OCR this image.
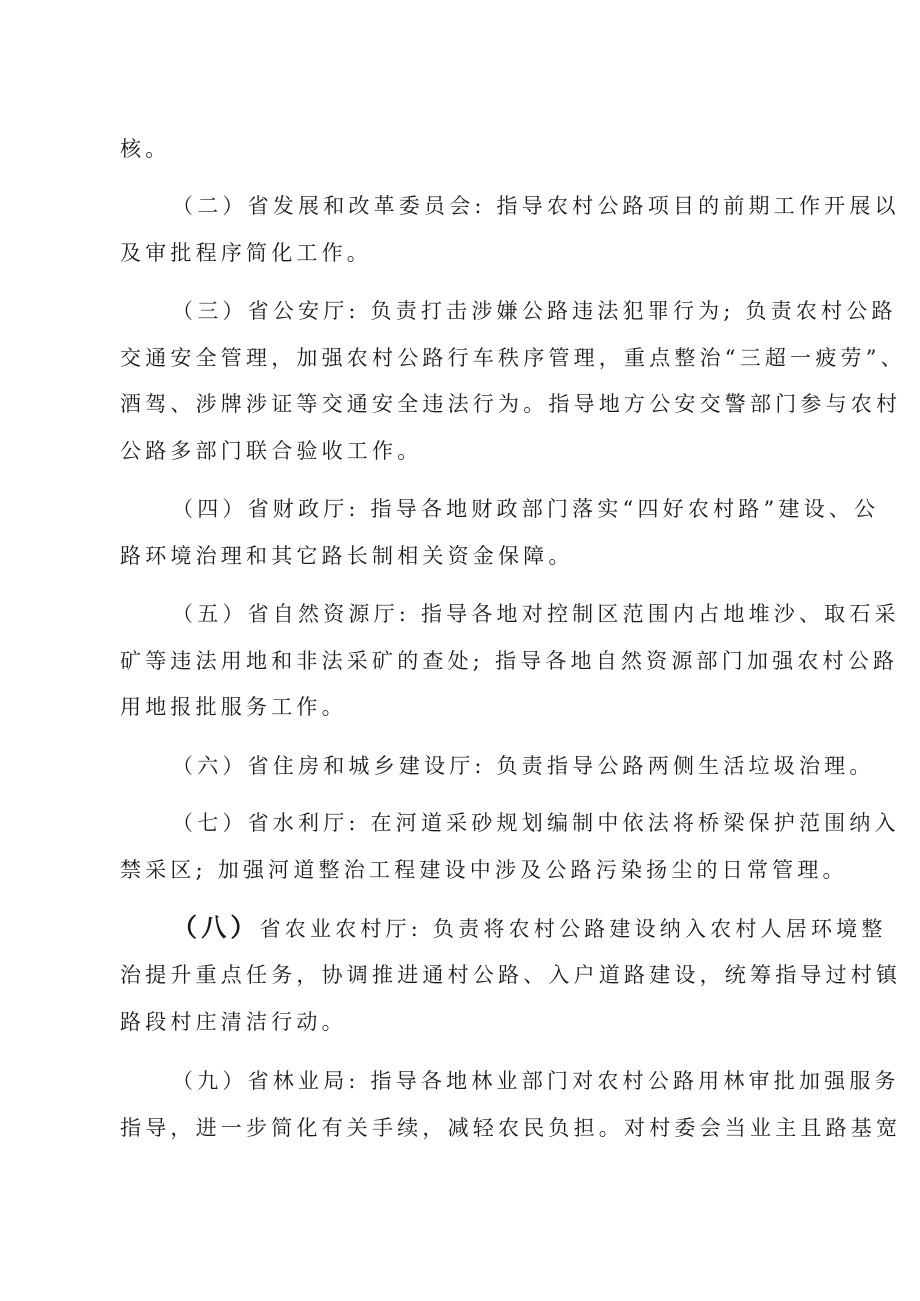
核。
（二）省发展和改革委员会: 指导农村公路项目的前期工作开展以
及审批程序简化工作。
（三）省公安厅: 负责打击涉嫌公路违法犯罪行为; 负责农村公路
交通安全管理，加强农村公路行车秩序管理，重点整治“三超一疲劳”、
酒驾、涉牌涉证等交通安全违法行为。指导地方公安交警部门参与农村
公路多部门联合验收工作。
（四）省财政厅: 指导各地财政部门落实“四好农村路”建设、公
路环境治理和其它路长制相关资金保障。
（五）省自然资源厅: 指导各地对控制区范围内占地堆沙、取石采
矿等违法用地和非法采矿的查处; 指导各地自然资源部门加强农村公路
用地报批服务工作。
（六）省住房和城乡建设厅: 负责指导公路两侧生活垃圾治理。
（七）省水利厅: 在河道采砂规划编制中依法将桥梁保护范围纳入
禁采区; 加强河道整治工程建设中涉及公路污染扬尘的日常管理。
（八）省农业农村厅: 负责将农村公路建设纳入农村人居环境整
治提升重点任务，协调推进通村公路、入户道路建设，统筹指导过村镇
路段村庄清洁行动。
（九）省林业局: 指导各地林业部门对农村公路用林审批加强服务
指导，进一步简化有关手续，减轻农民负担。对村委会当业主且路基宽
